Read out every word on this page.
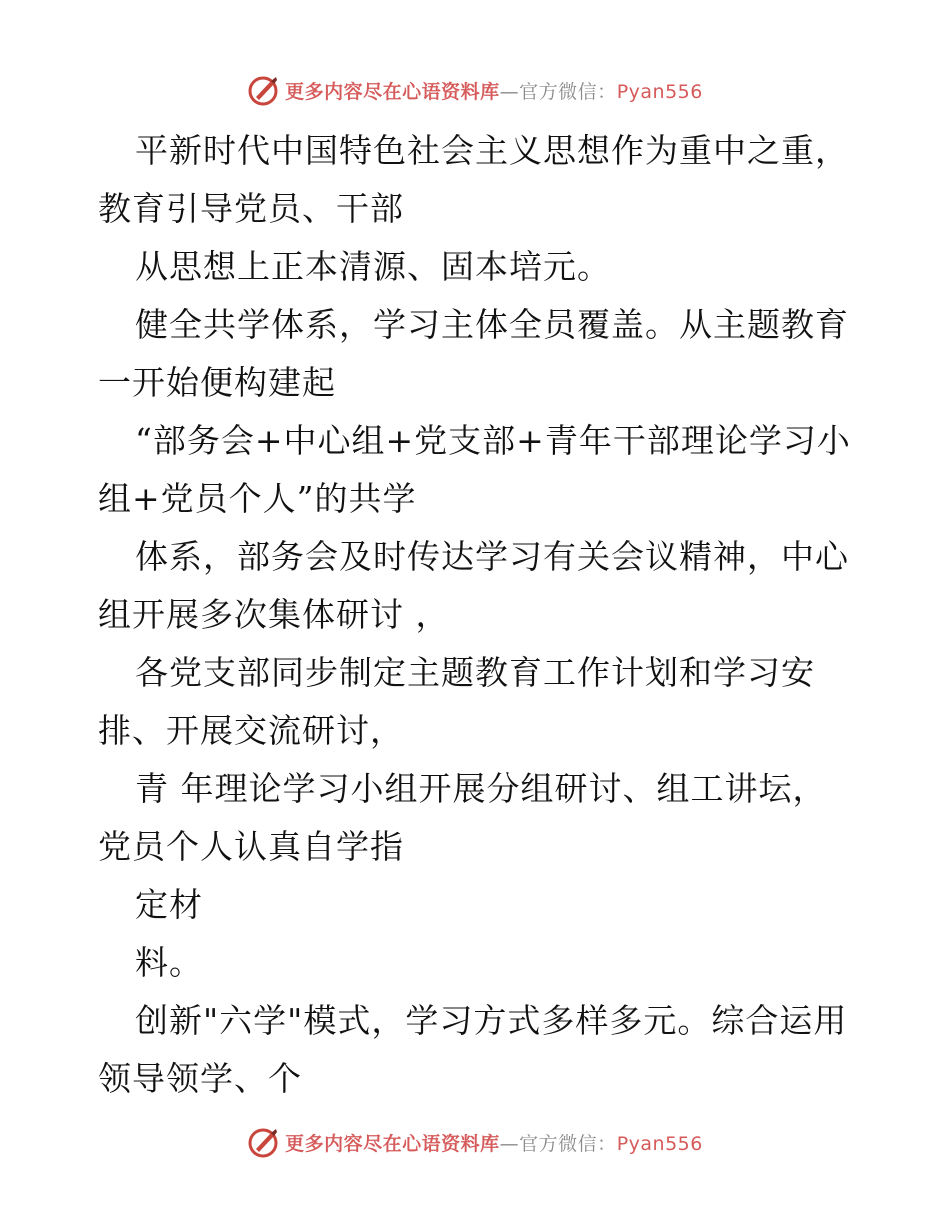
更多内容尽在心语资料库—官方微信：Pyan556
平新时代中国特色社会主义思想作为重中之重，
教育引导党员、干部
从思想上正本清源、固本培元。
健全共学体系，学习主体全员覆盖。从主题教育
一开始便构建起
“部务会+中心组+党支部+青年干部理论学习小
组+党员个人”的共学
体系，部务会及时传达学习有关会议精神，中心
组开展多次集体研讨 ，
各党支部同步制定主题教育工作计划和学习安
排、开展交流研讨，
青 年理论学习小组开展分组研讨、组工讲坛，
党员个人认真自学指
定材
料。
创新"六学"模式，学习方式多样多元。综合运用
领导领学、个
更多内容尽在心语资料库—官方微信：Pyan556
